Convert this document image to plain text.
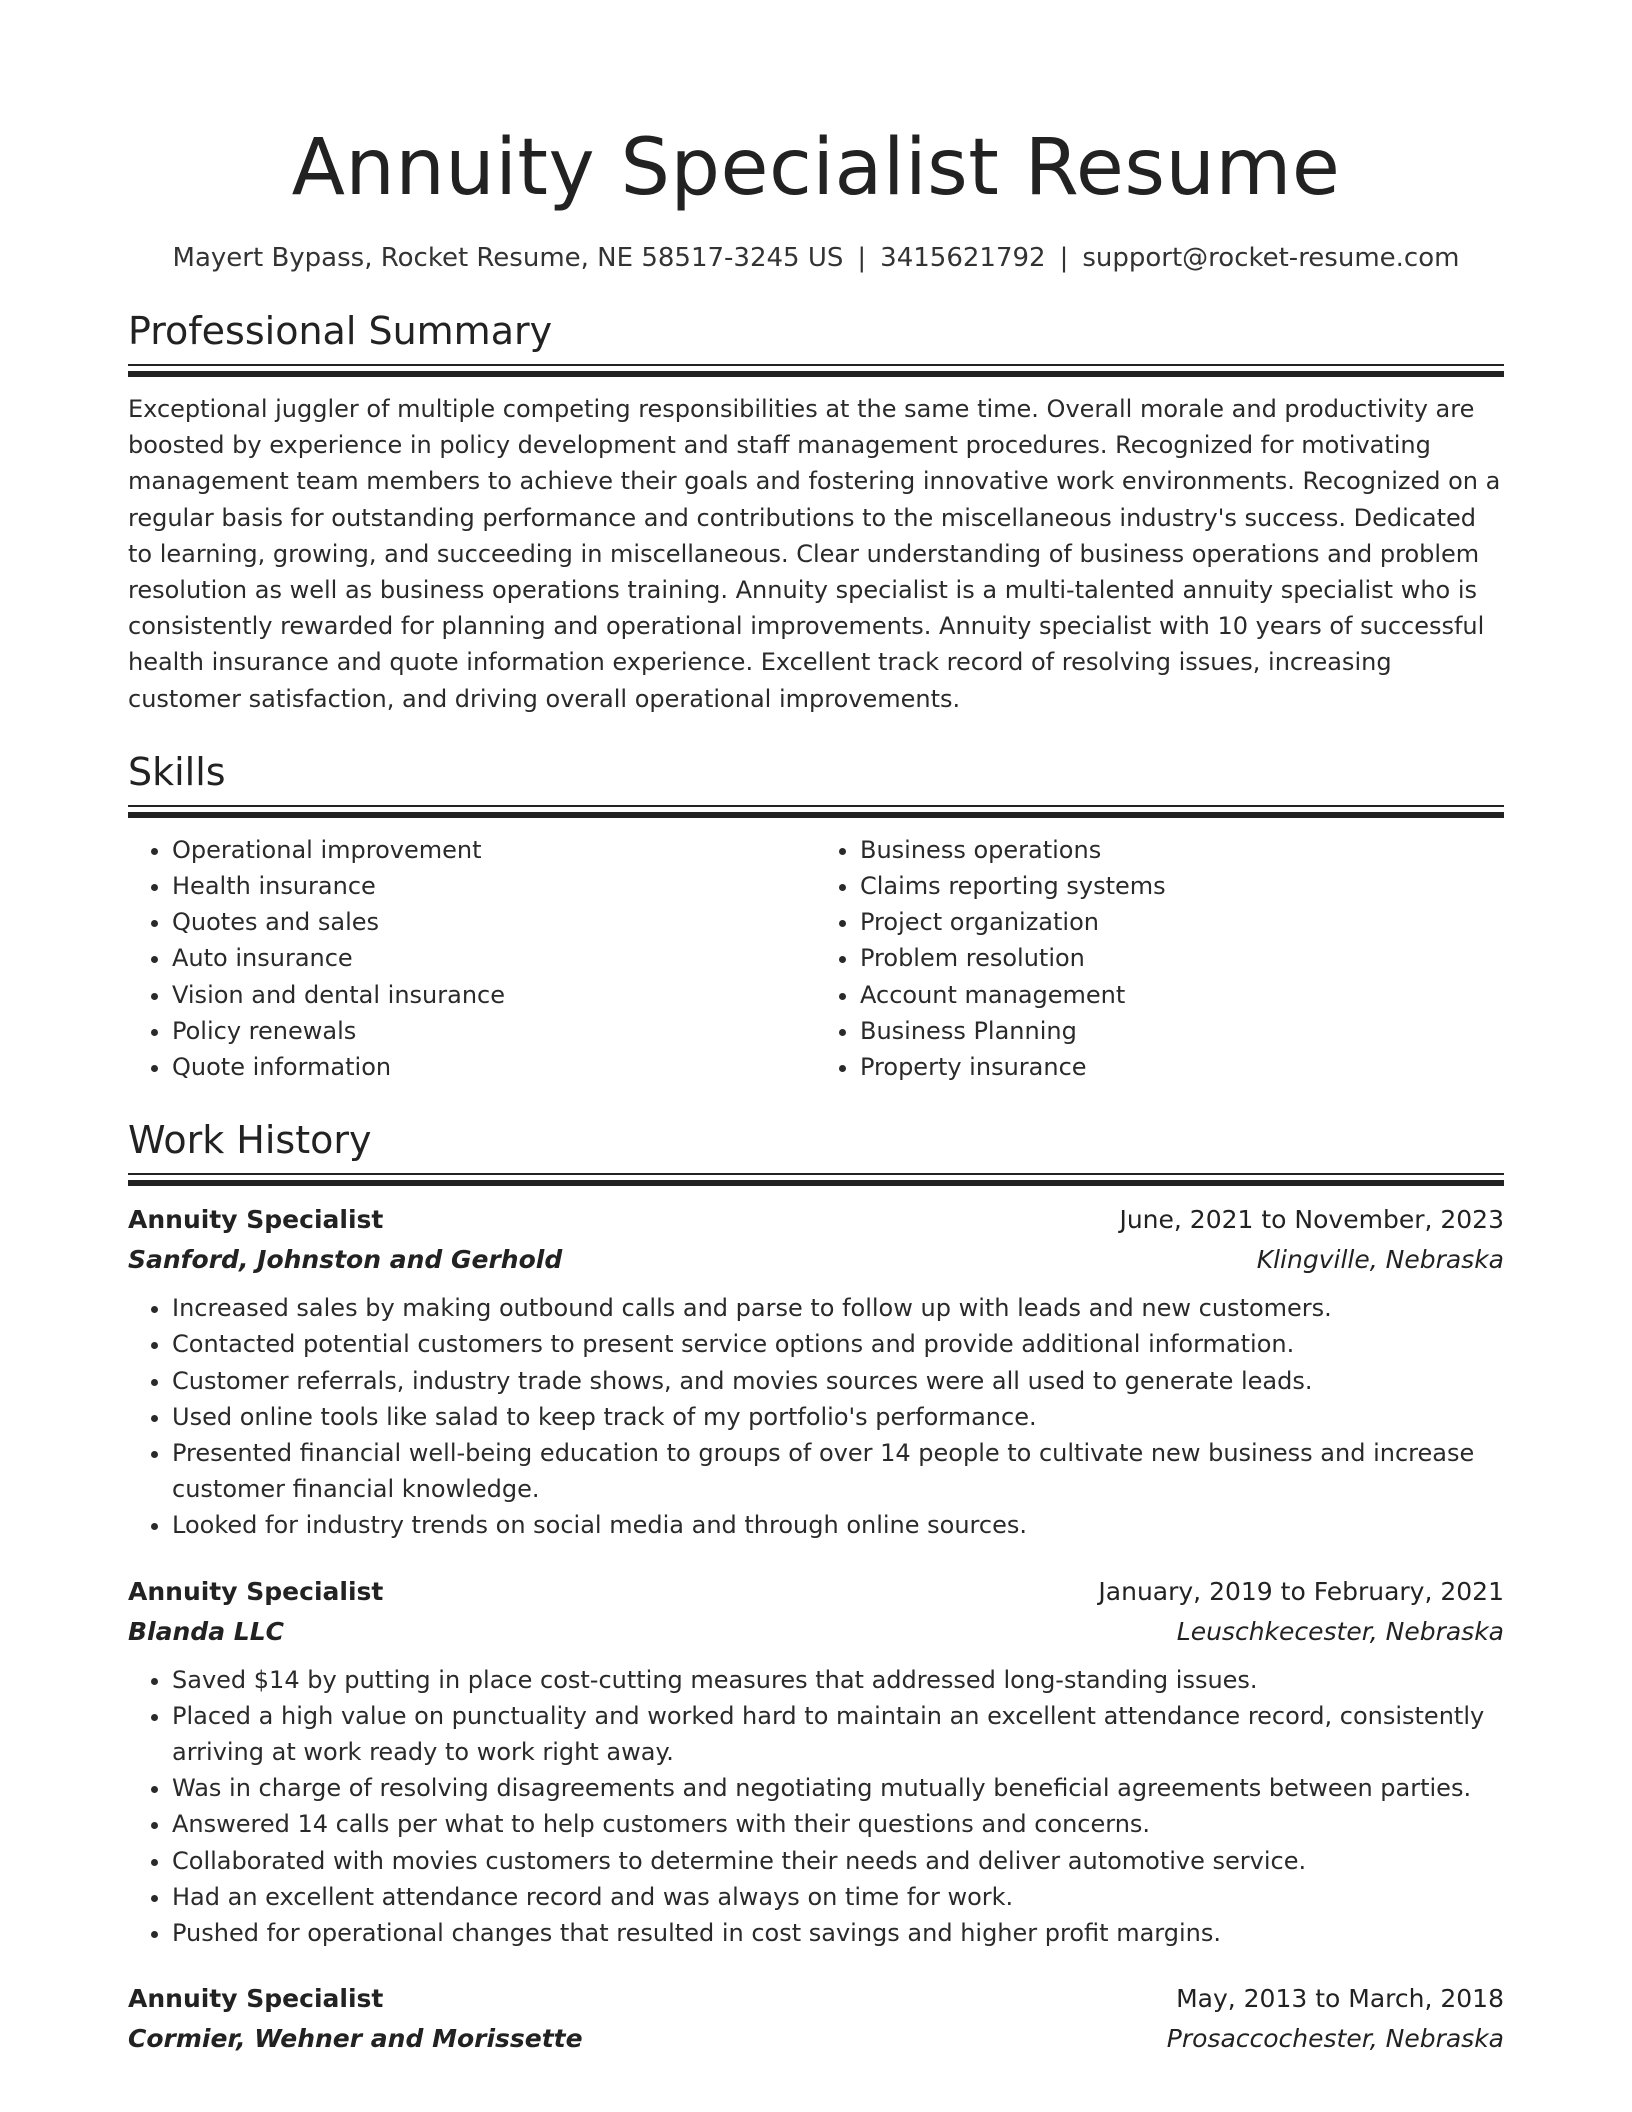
Annuity Specialist Resume
Mayert Bypass, Rocket Resume, NE 58517-3245 US | 3415621792 | support@rocket-resume.com
Professional Summary

Exceptional juggler of multiple competing responsibilities at the same time. Overall morale and productivity are boosted by experience in policy development and staff management procedures. Recognized for motivating management team members to achieve their goals and fostering innovative work environments. Recognized on a regular basis for outstanding performance and contributions to the miscellaneous industry's success. Dedicated to learning, growing, and succeeding in miscellaneous. Clear understanding of business operations and problem resolution as well as business operations training. Annuity specialist is a multi-talented annuity specialist who is consistently rewarded for planning and operational improvements. Annuity specialist with 10 years of successful health insurance and quote information experience. Excellent track record of resolving issues, increasing customer satisfaction, and driving overall operational improvements.

Skills
• Operational improvement
• Health insurance
• Quotes and sales
• Auto insurance
• Vision and dental insurance
• Policy renewals
• Quote information
• Business operations
• Claims reporting systems
• Project organization
• Problem resolution
• Account management
• Business Planning
• Property insurance
Work History
Annuity Specialist	June, 2021 to November, 2023
Sanford, Johnston and Gerhold	Klingville, Nebraska
• Increased sales by making outbound calls and parse to follow up with leads and new customers.
• Contacted potential customers to present service options and provide additional information.
• Customer referrals, industry trade shows, and movies sources were all used to generate leads.
• Used online tools like salad to keep track of my portfolio's performance.
• Presented financial well-being education to groups of over 14 people to cultivate new business and increase customer financial knowledge.
• Looked for industry trends on social media and through online sources.
Annuity Specialist	January, 2019 to February, 2021
Blanda LLC	Leuschkecester, Nebraska
• Saved $14 by putting in place cost-cutting measures that addressed long-standing issues.
• Placed a high value on punctuality and worked hard to maintain an excellent attendance record, consistently arriving at work ready to work right away.
• Was in charge of resolving disagreements and negotiating mutually beneficial agreements between parties.
• Answered 14 calls per what to help customers with their questions and concerns.
• Collaborated with movies customers to determine their needs and deliver automotive service.
• Had an excellent attendance record and was always on time for work.
• Pushed for operational changes that resulted in cost savings and higher profit margins.
Annuity Specialist	May, 2013 to March, 2018
Cormier, Wehner and Morissette	Prosaccochester, Nebraska
